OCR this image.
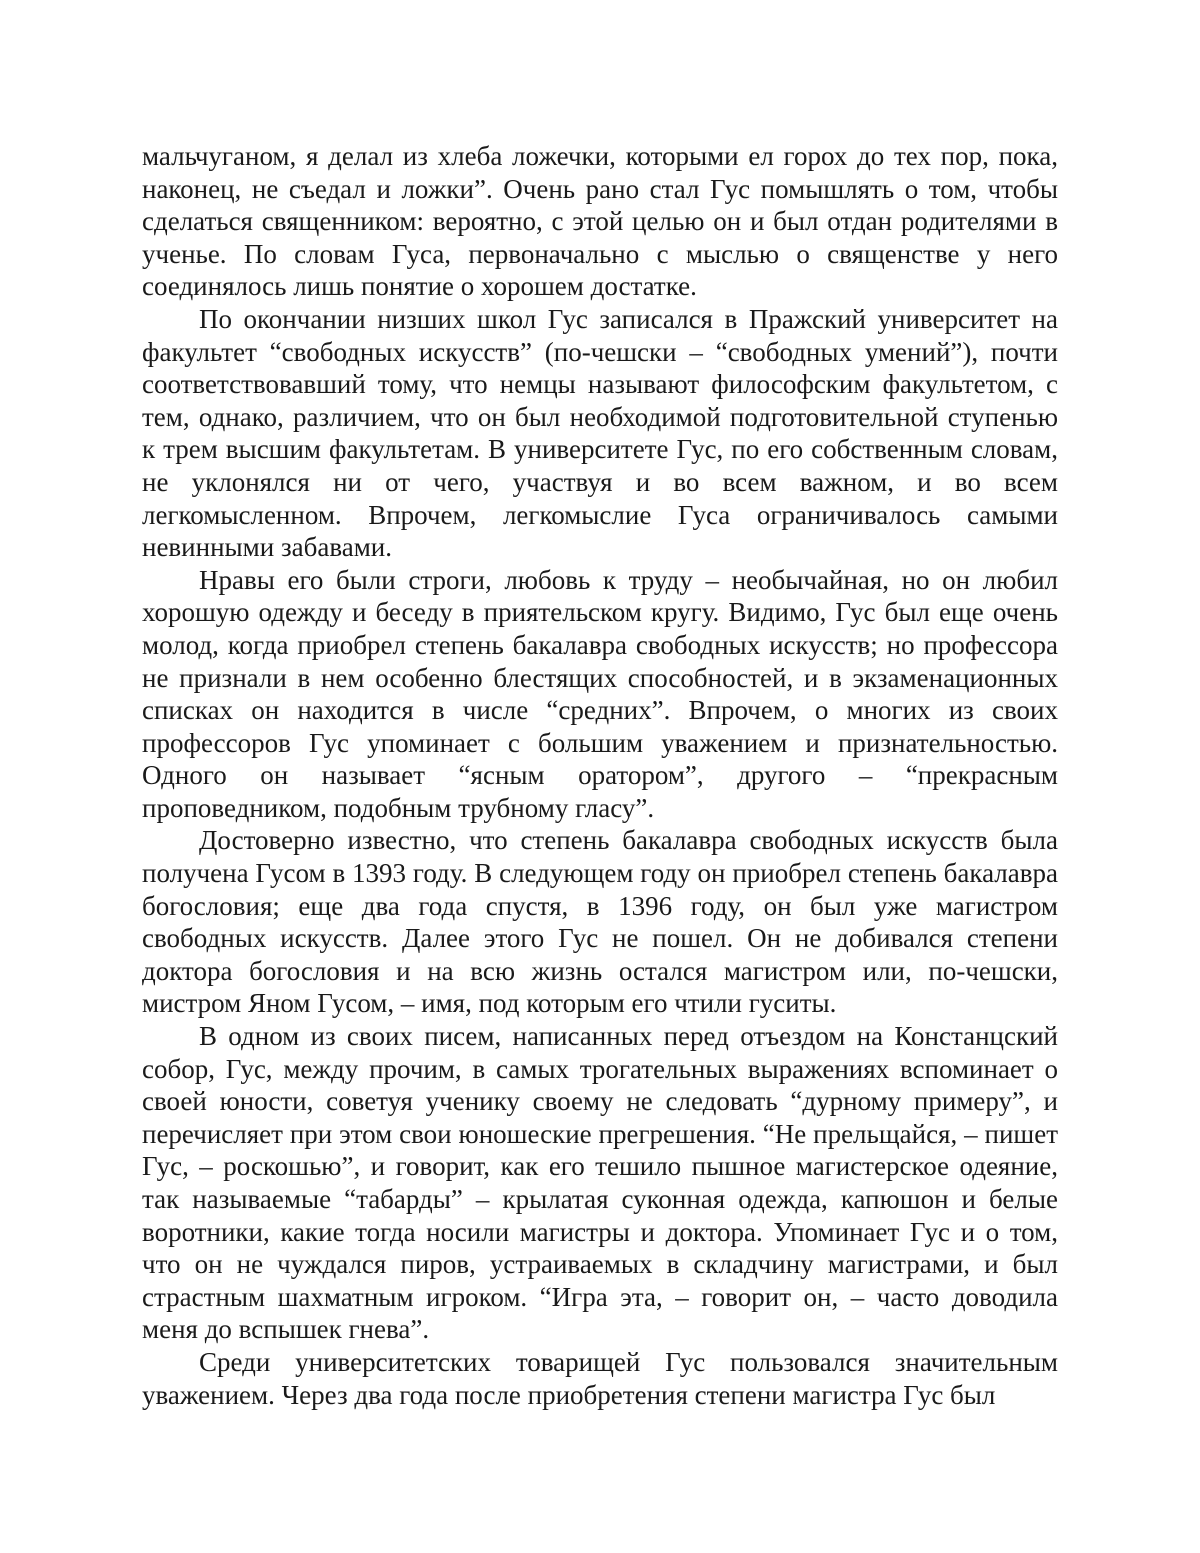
мальчуганом, я делал из хлеба ложечки, которыми ел горох до тех пор, пока, наконец, не съедал и ложки”. Очень рано стал Гус помышлять о том, чтобы сделаться священником: вероятно, с этой целью он и был отдан родителями в ученье. По словам Гуса, первоначально с мыслью о священстве у него соединялось лишь понятие о хорошем достатке.

По окончании низших школ Гус записался в Пражский университет на факультет “свободных искусств” (по-чешски – “свободных умений”), почти соответствовавший тому, что немцы называют философским факультетом, с тем, однако, различием, что он был необходимой подготовительной ступенью к трем высшим факультетам. В университете Гус, по его собственным словам, не уклонялся ни от чего, участвуя и во всем важном, и во всем легкомысленном. Впрочем, легкомыслие Гуса ограничивалось самыми невинными забавами.

Нравы его были строги, любовь к труду – необычайная, но он любил хорошую одежду и беседу в приятельском кругу. Видимо, Гус был еще очень молод, когда приобрел степень бакалавра свободных искусств; но профессора не признали в нем особенно блестящих способностей, и в экзаменационных списках он находится в числе “средних”. Впрочем, о многих из своих профессоров Гус упоминает с большим уважением и признательностью. Одного он называет “ясным оратором”, другого – “прекрасным проповедником, подобным трубному гласу”.

Достоверно известно, что степень бакалавра свободных искусств была получена Гусом в 1393 году. В следующем году он приобрел степень бакалавра богословия; еще два года спустя, в 1396 году, он был уже магистром свободных искусств. Далее этого Гус не пошел. Он не добивался степени доктора богословия и на всю жизнь остался магистром или, по-чешски, мистром Яном Гусом, – имя, под которым его чтили гуситы.

В одном из своих писем, написанных перед отъездом на Констанцский собор, Гус, между прочим, в самых трогательных выражениях вспоминает о своей юности, советуя ученику своему не следовать “дурному примеру”, и перечисляет при этом свои юношеские прегрешения. “Не прельщайся, – пишет Гус, – роскошью”, и говорит, как его тешило пышное магистерское одеяние, так называемые “табарды” – крылатая суконная одежда, капюшон и белые воротники, какие тогда носили магистры и доктора. Упоминает Гус и о том, что он не чуждался пиров, устраиваемых в складчину магистрами, и был страстным шахматным игроком. “Игра эта, – говорит он, – часто доводила меня до вспышек гнева”.

Среди университетских товарищей Гус пользовался значительным уважением. Через два года после приобретения степени магистра Гус был
